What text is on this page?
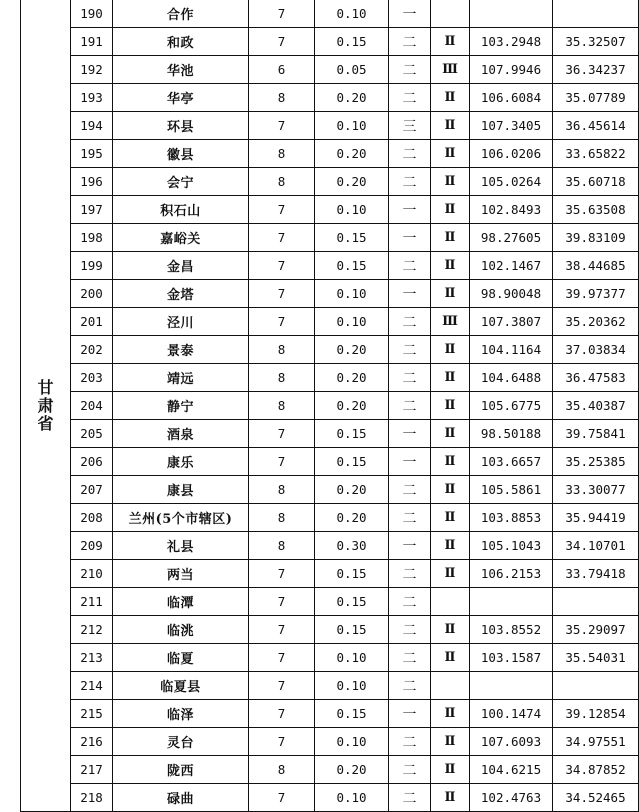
甘
肃
省	190	合作	7	0.10	一			
	191	和政	7	0.15	二	Ⅱ	103.2948	35.32507
	192	华池	6	0.05	二	Ⅲ	107.9946	36.34237
	193	华亭	8	0.20	二	Ⅱ	106.6084	35.07789
	194	环县	7	0.10	三	Ⅱ	107.3405	36.45614
	195	徽县	8	0.20	二	Ⅱ	106.0206	33.65822
	196	会宁	8	0.20	二	Ⅱ	105.0264	35.60718
	197	积石山	7	0.10	一	Ⅱ	102.8493	35.63508
	198	嘉峪关	7	0.15	一	Ⅱ	98.27605	39.83109
	199	金昌	7	0.15	二	Ⅱ	102.1467	38.44685
	200	金塔	7	0.10	一	Ⅱ	98.90048	39.97377
	201	泾川	7	0.10	二	Ⅲ	107.3807	35.20362
	202	景泰	8	0.20	二	Ⅱ	104.1164	37.03834
	203	靖远	8	0.20	二	Ⅱ	104.6488	36.47583
	204	静宁	8	0.20	二	Ⅱ	105.6775	35.40387
	205	酒泉	7	0.15	一	Ⅱ	98.50188	39.75841
	206	康乐	7	0.15	一	Ⅱ	103.6657	35.25385
	207	康县	8	0.20	二	Ⅱ	105.5861	33.30077
	208	兰州(5个市辖区)	8	0.20	二	Ⅱ	103.8853	35.94419
	209	礼县	8	0.30	一	Ⅱ	105.1043	34.10701
	210	两当	7	0.15	二	Ⅱ	106.2153	33.79418
	211	临潭	7	0.15	二			
	212	临洮	7	0.15	二	Ⅱ	103.8552	35.29097
	213	临夏	7	0.10	二	Ⅱ	103.1587	35.54031
	214	临夏县	7	0.10	二			
	215	临泽	7	0.15	一	Ⅱ	100.1474	39.12854
	216	灵台	7	0.10	二	Ⅱ	107.6093	34.97551
	217	陇西	8	0.20	二	Ⅱ	104.6215	34.87852
	218	碌曲	7	0.10	二	Ⅱ	102.4763	34.52465
